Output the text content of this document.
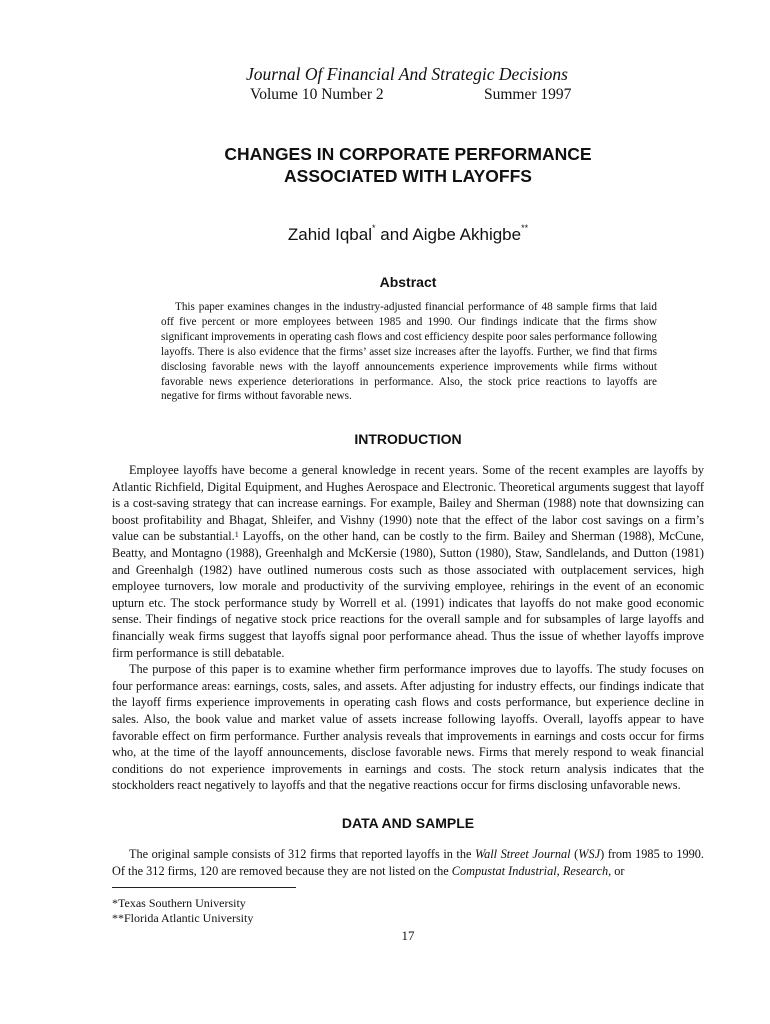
Journal Of Financial And Strategic Decisions
Volume 10 Number 2	Summer 1997
CHANGES IN CORPORATE PERFORMANCE
ASSOCIATED WITH LAYOFFS
Zahid Iqbal* and Aigbe Akhigbe**
Abstract
This paper examines changes in the industry-adjusted financial performance of 48 sample firms that laid off five percent or more employees between 1985 and 1990. Our findings indicate that the firms show significant improvements in operating cash flows and cost efficiency despite poor sales performance following layoffs. There is also evidence that the firms’ asset size increases after the layoffs. Further, we find that firms disclosing favorable news with the layoff announcements experience improvements while firms without favorable news experience deteriorations in performance. Also, the stock price reactions to layoffs are negative for firms without favorable news.
INTRODUCTION

Employee layoffs have become a general knowledge in recent years. Some of the recent examples are layoffs by Atlantic Richfield, Digital Equipment, and Hughes Aerospace and Electronic. Theoretical arguments suggest that layoff is a cost-saving strategy that can increase earnings. For example, Bailey and Sherman (1988) note that downsizing can boost profitability and Bhagat, Shleifer, and Vishny (1990) note that the effect of the labor cost savings on a firm’s value can be substantial.$^1$ Layoffs, on the other hand, can be costly to the firm. Bailey and Sherman (1988), McCune, Beatty, and Montagno (1988), Greenhalgh and McKersie (1980), Sutton (1980), Staw, Sandlelands, and Dutton (1981) and Greenhalgh (1982) have outlined numerous costs such as those associated with outplacement services, high employee turnovers, low morale and productivity of the surviving employee, rehirings in the event of an economic upturn etc. The stock performance study by Worrell et al. (1991) indicates that layoffs do not make good economic sense. Their findings of negative stock price reactions for the overall sample and for subsamples of large layoffs and financially weak firms suggest that layoffs signal poor performance ahead. Thus the issue of whether layoffs improve firm performance is still debatable.

The purpose of this paper is to examine whether firm performance improves due to layoffs. The study focuses on four performance areas: earnings, costs, sales, and assets. After adjusting for industry effects, our findings indicate that the layoff firms experience improvements in operating cash flows and costs performance, but experience decline in sales. Also, the book value and market value of assets increase following layoffs. Overall, layoffs appear to have favorable effect on firm performance. Further analysis reveals that improvements in earnings and costs occur for firms who, at the time of the layoff announcements, disclose favorable news. Firms that merely respond to weak financial conditions do not experience improvements in earnings and costs. The stock return analysis indicates that the stockholders react negatively to layoffs and that the negative reactions occur for firms disclosing unfavorable news.

DATA AND SAMPLE

The original sample consists of 312 firms that reported layoffs in the Wall Street Journal (WSJ) from 1985 to 1990. Of the 312 firms, 120 are removed because they are not listed on the Compustat Industrial, Research, or

*Texas Southern University
**Florida Atlantic University
17
